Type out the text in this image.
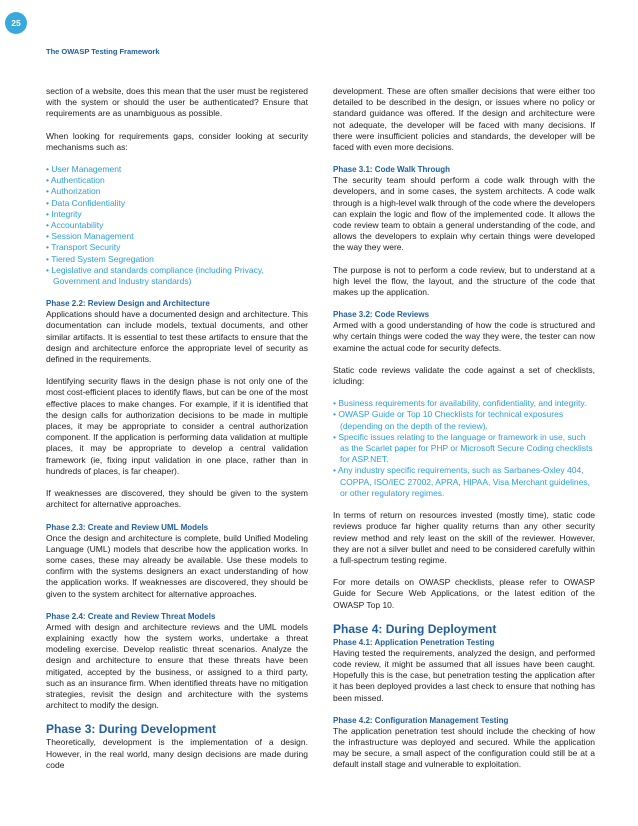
25
The OWASP Testing Framework

section of a website, does this mean that the user must be registered with the system or should the user be authenticated? Ensure that requirements are as unambiguous as possible.

When looking for requirements gaps, consider looking at security mechanisms such as:

• User Management
• Authentication
• Authorization
• Data Confidentiality
• Integrity
• Accountability
• Session Management
• Transport Security
• Tiered System Segregation
• Legislative and standards compliance (including Privacy, Government and Industry standards)
Phase 2.2: Review Design and Architecture

Applications should have a documented design and architecture. This documentation can include models, textual documents, and other similar artifacts. It is essential to test these artifacts to ensure that the design and architecture enforce the appropriate level of security as defined in the requirements.

Identifying security flaws in the design phase is not only one of the most cost-efficient places to identify flaws, but can be one of the most effective places to make changes. For example, if it is identified that the design calls for authorization decisions to be made in multiple places, it may be appropriate to consider a central authorization component. If the application is performing data validation at multiple places, it may be appropriate to develop a central validation framework (ie, fixing input validation in one place, rather than in hundreds of places, is far cheaper).

If weaknesses are discovered, they should be given to the system architect for alternative approaches.

Phase 2.3: Create and Review UML Models

Once the design and architecture is complete, build Unified Modeling Language (UML) models that describe how the application works. In some cases, these may already be available. Use these models to confirm with the systems designers an exact understanding of how the application works. If weaknesses are discovered, they should be given to the system architect for alternative approaches.

Phase 2.4: Create and Review Threat Models

Armed with design and architecture reviews and the UML models explaining exactly how the system works, undertake a threat modeling exercise. Develop realistic threat scenarios. Analyze the design and architecture to ensure that these threats have been mitigated, accepted by the business, or assigned to a third party, such as an insurance firm. When identified threats have no mitigation strategies, revisit the design and architecture with the systems architect to modify the design.

Phase 3: During Development

Theoretically, development is the implementation of a design. However, in the real world, many design decisions are made during code

development. These are often smaller decisions that were either too detailed to be described in the design, or issues where no policy or standard guidance was offered. If the design and architecture were not adequate, the developer will be faced with many decisions. If there were insufficient policies and standards, the developer will be faced with even more decisions.

Phase 3.1: Code Walk Through

The security team should perform a code walk through with the developers, and in some cases, the system architects. A code walk through is a high-level walk through of the code where the developers can explain the logic and flow of the implemented code. It allows the code review team to obtain a general understanding of the code, and allows the developers to explain why certain things were developed the way they were.

The purpose is not to perform a code review, but to understand at a high level the flow, the layout, and the structure of the code that makes up the application.

Phase 3.2: Code Reviews

Armed with a good understanding of how the code is structured and why certain things were coded the way they were, the tester can now examine the actual code for security defects.

Static code reviews validate the code against a set of checklists, icluding:

• Business requirements for availability, confidentiality, and integrity.
• OWASP Guide or Top 10 Checklists for technical exposures (depending on the depth of the review).
• Specific issues relating to the language or framework in use, such as the Scarlet paper for PHP or Microsoft Secure Coding checklists for ASP.NET.
• Any industry specific requirements, such as Sarbanes-Oxley 404, COPPA, ISO/IEC 27002, APRA, HIPAA, Visa Merchant guidelines, or other regulatory regimes.

In terms of return on resources invested (mostly time), static code reviews produce far higher quality returns than any other security review method and rely least on the skill of the reviewer. However, they are not a silver bullet and need to be considered carefully within a full-spectrum testing regime.

For more details on OWASP checklists, please refer to OWASP Guide for Secure Web Applications, or the latest edition of the OWASP Top 10.

Phase 4: During Deployment
Phase 4.1: Application Penetration Testing

Having tested the requirements, analyzed the design, and performed code review, it might be assumed that all issues have been caught. Hopefully this is the case, but penetration testing the application after it has been deployed provides a last check to ensure that nothing has been missed.

Phase 4.2: Configuration Management Testing

The application penetration test should include the checking of how the infrastructure was deployed and secured. While the application may be secure, a small aspect of the configuration could still be at a default install stage and vulnerable to exploitation.
